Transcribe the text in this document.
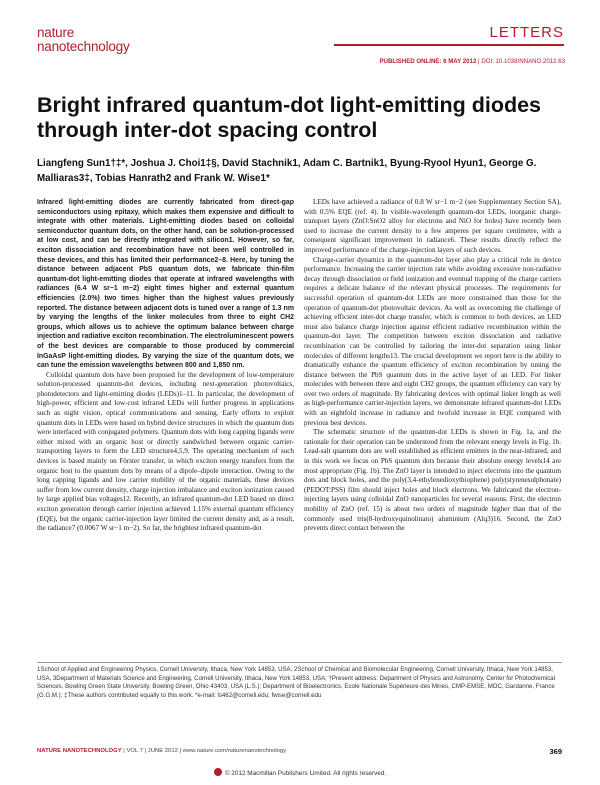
nature
nanotechnology
LETTERS
PUBLISHED ONLINE: 6 MAY 2012 | DOI: 10.1038/NNANO.2012.63
Bright infrared quantum-dot light-emitting diodes through inter-dot spacing control

Liangfeng Sun1†‡*, Joshua J. Choi1‡§, David Stachnik1, Adam C. Bartnik1, Byung-Ryool Hyun1, George G. Malliaras3‡, Tobias Hanrath2 and Frank W. Wise1*

Infrared light-emitting diodes are currently fabricated from direct-gap semiconductors using epitaxy, which makes them expensive and difficult to integrate with other materials. Light-emitting diodes based on colloidal semiconductor quantum dots, on the other hand, can be solution-processed at low cost, and can be directly integrated with silicon1. However, so far, exciton dissociation and recombination have not been well controlled in these devices, and this has limited their performance2–8. Here, by tuning the distance between adjacent PbS quantum dots, we fabricate thin-film quantum-dot light-emitting diodes that operate at infrared wavelengths with radiances (6.4 W sr−1 m−2) eight times higher and external quantum efficiencies (2.0%) two times higher than the highest values previously reported. The distance between adjacent dots is tuned over a range of 1.3 nm by varying the lengths of the linker molecules from three to eight CH2 groups, which allows us to achieve the optimum balance between charge injection and radiative exciton recombination. The electroluminescent powers of the best devices are comparable to those produced by commercial InGaAsP light-emitting diodes. By varying the size of the quantum dots, we can tune the emission wavelengths between 800 and 1,850 nm.

Colloidal quantum dots have been proposed for the development of low-temperature solution-processed quantum-dot devices, including next-generation photovoltaics, photodetectors and light-emitting diodes (LEDs)1–11. In particular, the development of high-power, efficient and low-cost infrared LEDs will further progress in applications such as night vision, optical communications and sensing. Early efforts to exploit quantum dots in LEDs were based on hybrid device structures in which the quantum dots were interfaced with conjugated polymers. Quantum dots with long capping ligands were either mixed with an organic host or directly sandwiched between organic carrier-transporting layers to form the LED structure4,5,9. The operating mechanism of such devices is based mainly on Förster transfer, in which exciton energy transfers from the organic host to the quantum dots by means of a dipole–dipole interaction. Owing to the long capping ligands and low carrier mobility of the organic materials, these devices suffer from low current density, charge injection imbalance and exciton ionization caused by large applied bias voltages12. Recently, an infrared quantum-dot LED based on direct exciton generation through carrier injection achieved 1.15% external quantum efficiency (EQE), but the organic carrier-injection layer limited the current density and, as a result, the radiance7 (0.0067 W sr−1 m−2). So far, the brightest infrared quantum-dot

LEDs have achieved a radiance of 0.8 W sr−1 m−2 (see Supplementary Section SA), with 0.5% EQE (ref. 4). In visible-wavelength quantum-dot LEDs, inorganic charge-transport layers (ZnO:SnO2 alloy for electrons and NiO for holes) have recently been used to increase the current density to a few amperes per square centimetre, with a consequent significant improvement in radiance6. These results directly reflect the improved performance of the charge-injection layers of such devices.

Charge-carrier dynamics in the quantum-dot layer also play a critical role in device performance. Increasing the carrier injection rate while avoiding excessive non-radiative decay through dissociation or field ionization and eventual trapping of the charge carriers requires a delicate balance of the relevant physical processes. The requirements for successful operation of quantum-dot LEDs are more constrained than those for the operation of quantum-dot photovoltaic devices. As well as overcoming the challenge of achieving efficient inter-dot charge transfer, which is common to both devices, an LED must also balance charge injection against efficient radiative recombination within the quantum-dot layer. The competition between exciton dissociation and radiative recombination can be controlled by tailoring the inter-dot separation using linker molecules of different lengths13. The crucial development we report here is the ability to dramatically enhance the quantum efficiency of exciton recombination by tuning the distance between the PbS quantum dots in the active layer of an LED. For linker molecules with between three and eight CH2 groups, the quantum efficiency can vary by over two orders of magnitude. By fabricating devices with optimal linker length as well as high-performance carrier-injection layers, we demonstrate infrared quantum-dot LEDs with an eightfold increase in radiance and twofold increase in EQE compared with previous best devices.

The schematic structure of the quantum-dot LEDs is shown in Fig. 1a, and the rationale for their operation can be understood from the relevant energy levels in Fig. 1b. Lead-salt quantum dots are well established as efficient emitters in the near-infrared, and in this work we focus on PbS quantum dots because their absolute energy levels14 are most appropriate (Fig. 1b). The ZnO layer is intended to inject electrons into the quantum dots and block holes, and the poly(3,4-ethylenedioxythiophene) poly(styrenesulphonate) (PEDOT:PSS) film should inject holes and block electrons. We fabricated the electron-injecting layers using colloidal ZnO nanoparticles for several reasons. First, the electron mobility of ZnO (ref. 15) is about two orders of magnitude higher than that of the commonly used tris(8-hydroxyquinolinato) aluminium (Alq3)16. Second, the ZnO prevents direct contact between the

1School of Applied and Engineering Physics, Cornell University, Ithaca, New York 14853, USA, 2School of Chemical and Biomolecular Engineering, Cornell University, Ithaca, New York 14853, USA, 3Department of Materials Science and Engineering, Cornell University, Ithaca, New York 14853, USA; †Present address: Department of Physics and Astronomy, Center for Photochemical Sciences, Bowling Green State University, Bowling Green, Ohio 43403, USA (L.S.); Department of Bioelectronics, Ecole Nationale Supérieure des Mines, CMP-EMSE, MOC, Gardanne, France (G.G.M.); ‡These authors contributed equally to this work. *e-mail: ls462@cornell.edu; fwise@cornell.edu

NATURE NANOTECHNOLOGY | VOL 7 | JUNE 2012 | www.nature.com/naturenanotechnology	369
© 2012 Macmillan Publishers Limited. All rights reserved.
